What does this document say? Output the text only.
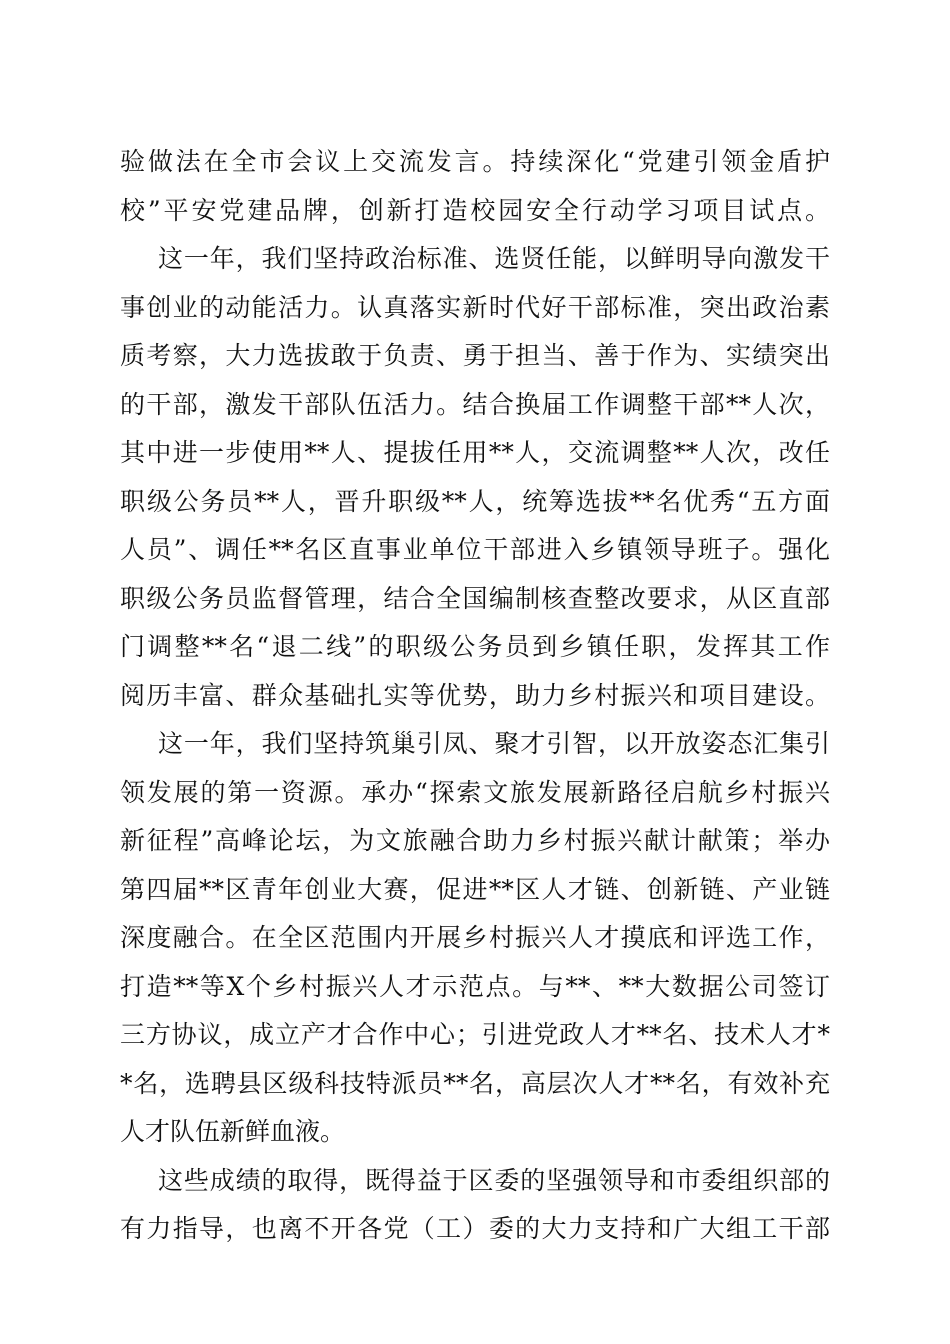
验做法在全市会议上交流发言。持续深化“党建引领金盾护
校”平安党建品牌，创新打造校园安全行动学习项目试点。
这一年，我们坚持政治标准、选贤任能，以鲜明导向激发干
事创业的动能活力。认真落实新时代好干部标准，突出政治素
质考察，大力选拔敢于负责、勇于担当、善于作为、实绩突出
的干部，激发干部队伍活力。结合换届工作调整干部**人次，
其中进一步使用**人、提拔任用**人，交流调整**人次，改任
职级公务员**人，晋升职级**人，统筹选拔**名优秀“五方面
人员”、调任**名区直事业单位干部进入乡镇领导班子。强化
职级公务员监督管理，结合全国编制核查整改要求，从区直部
门调整**名“退二线”的职级公务员到乡镇任职，发挥其工作
阅历丰富、群众基础扎实等优势，助力乡村振兴和项目建设。
这一年，我们坚持筑巢引凤、聚才引智，以开放姿态汇集引
领发展的第一资源。承办“探索文旅发展新路径启航乡村振兴
新征程”高峰论坛，为文旅融合助力乡村振兴献计献策；举办
第四届**区青年创业大赛，促进**区人才链、创新链、产业链
深度融合。在全区范围内开展乡村振兴人才摸底和评选工作，
打造**等X个乡村振兴人才示范点。与**、**大数据公司签订
三方协议，成立产才合作中心；引进党政人才**名、技术人才*
*名，选聘县区级科技特派员**名，高层次人才**名，有效补充
人才队伍新鲜血液。
这些成绩的取得，既得益于区委的坚强领导和市委组织部的
有力指导，也离不开各党（工）委的大力支持和广大组工干部
